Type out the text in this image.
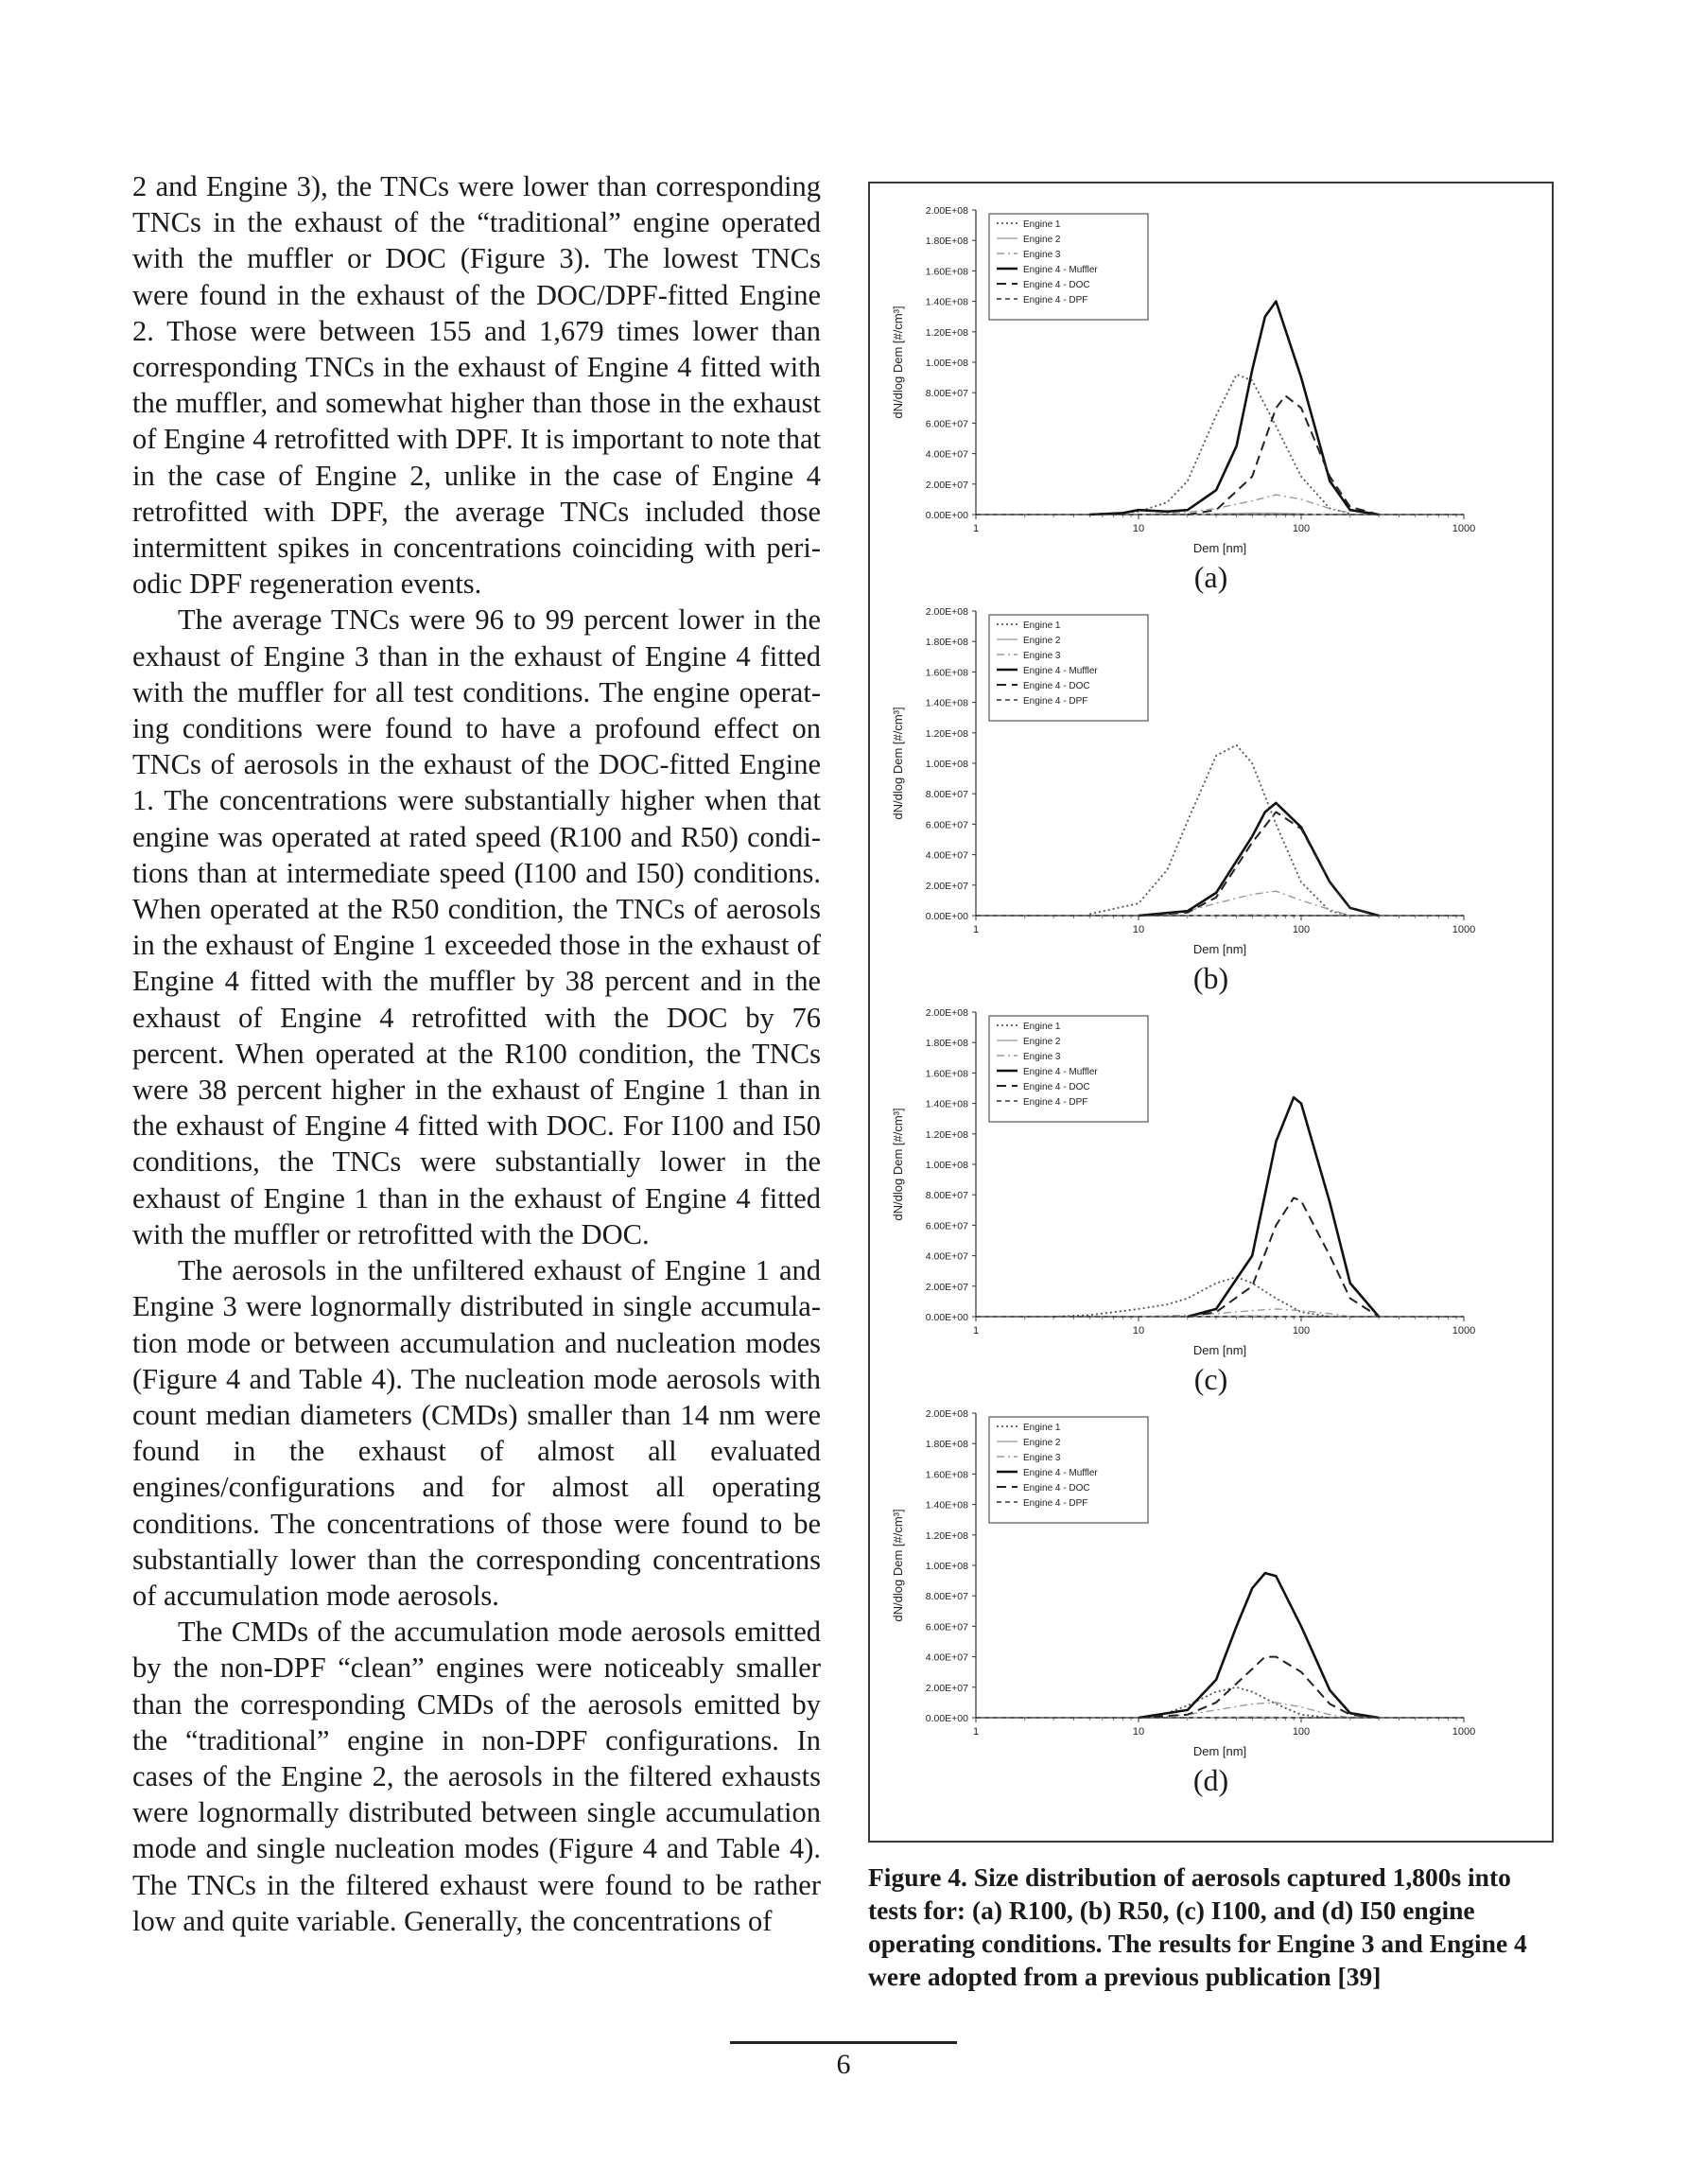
2 and Engine 3), the TNCs were lower than corresponding TNCs in the exhaust of the “traditional” engine operated with the muffler or DOC (Figure 3). The lowest TNCs were found in the exhaust of the DOC/DPF-fitted Engine 2. Those were between 155 and 1,679 times lower than corresponding TNCs in the exhaust of Engine 4 fitted with the muffler, and somewhat higher than those in the exhaust of Engine 4 retrofitted with DPF. It is important to note that in the case of Engine 2, unlike in the case of Engine 4 retrofitted with DPF, the average TNCs included those intermittent spikes in concentrations coinciding with periodic DPF regeneration events.

The average TNCs were 96 to 99 percent lower in the exhaust of Engine 3 than in the exhaust of Engine 4 fitted with the muffler for all test conditions. The engine operating conditions were found to have a profound effect on TNCs of aerosols in the exhaust of the DOC-fitted Engine 1. The concentrations were substantially higher when that engine was operated at rated speed (R100 and R50) conditions than at intermediate speed (I100 and I50) conditions. When operated at the R50 condition, the TNCs of aerosols in the exhaust of Engine 1 exceeded those in the exhaust of Engine 4 fitted with the muffler by 38 percent and in the exhaust of Engine 4 retrofitted with the DOC by 76 percent. When operated at the R100 condition, the TNCs were 38 percent higher in the exhaust of Engine 1 than in the exhaust of Engine 4 fitted with DOC. For I100 and I50 conditions, the TNCs were substantially lower in the exhaust of Engine 1 than in the exhaust of Engine 4 fitted with the muffler or retrofitted with the DOC.

The aerosols in the unfiltered exhaust of Engine 1 and Engine 3 were lognormally distributed in single accumulation mode or between accumulation and nucleation modes (Figure 4 and Table 4). The nucleation mode aerosols with count median diameters (CMDs) smaller than 14 nm were found in the exhaust of almost all evaluated engines/configurations and for almost all operating conditions. The concentrations of those were found to be substantially lower than the corresponding concentrations of accumulation mode aerosols.

The CMDs of the accumulation mode aerosols emitted by the non-DPF “clean” engines were noticeably smaller than the corresponding CMDs of the aerosols emitted by the “traditional” engine in non-DPF configurations. In cases of the Engine 2, the aerosols in the filtered exhausts were lognormally distributed between single accumulation mode and single nucleation modes (Figure 4 and Table 4). The TNCs in the filtered exhaust were found to be rather low and quite variable. Generally, the concentrations of

0.00E+00
2.00E+07
4.00E+07
6.00E+07
8.00E+07
1.00E+08
1.20E+08
1.40E+08
1.60E+08
1.80E+08
2.00E+08
1	10	100	1000
Dem [nm]
dN/dlog Dem [#/cm³]
Engine 1
Engine 2
Engine 3
Engine 4 - Muffler
Engine 4 - DOC
Engine 4 - DPF
(a)
0.00E+00
2.00E+07
4.00E+07
6.00E+07
8.00E+07
1.00E+08
1.20E+08
1.40E+08
1.60E+08
1.80E+08
2.00E+08
1	10	100	1000
Dem [nm]
dN/dlog Dem [#/cm³]
Engine 1
Engine 2
Engine 3
Engine 4 - Muffler
Engine 4 - DOC
Engine 4 - DPF
(b)
0.00E+00
2.00E+07
4.00E+07
6.00E+07
8.00E+07
1.00E+08
1.20E+08
1.40E+08
1.60E+08
1.80E+08
2.00E+08
1	10	100	1000
Dem [nm]
dN/dlog Dem [#/cm³]
Engine 1
Engine 2
Engine 3
Engine 4 - Muffler
Engine 4 - DOC
Engine 4 - DPF
(c)
0.00E+00
2.00E+07
4.00E+07
6.00E+07
8.00E+07
1.00E+08
1.20E+08
1.40E+08
1.60E+08
1.80E+08
2.00E+08
1	10	100	1000
Dem [nm]
dN/dlog Dem [#/cm³]
Engine 1
Engine 2
Engine 3
Engine 4 - Muffler
Engine 4 - DOC
Engine 4 - DPF
(d)
Figure 4. Size distribution of aerosols captured 1,800s into tests for: (a) R100, (b) R50, (c) I100, and (d) I50 engine operating conditions. The results for Engine 3 and Engine 4 were adopted from a previous publication [39]
6
